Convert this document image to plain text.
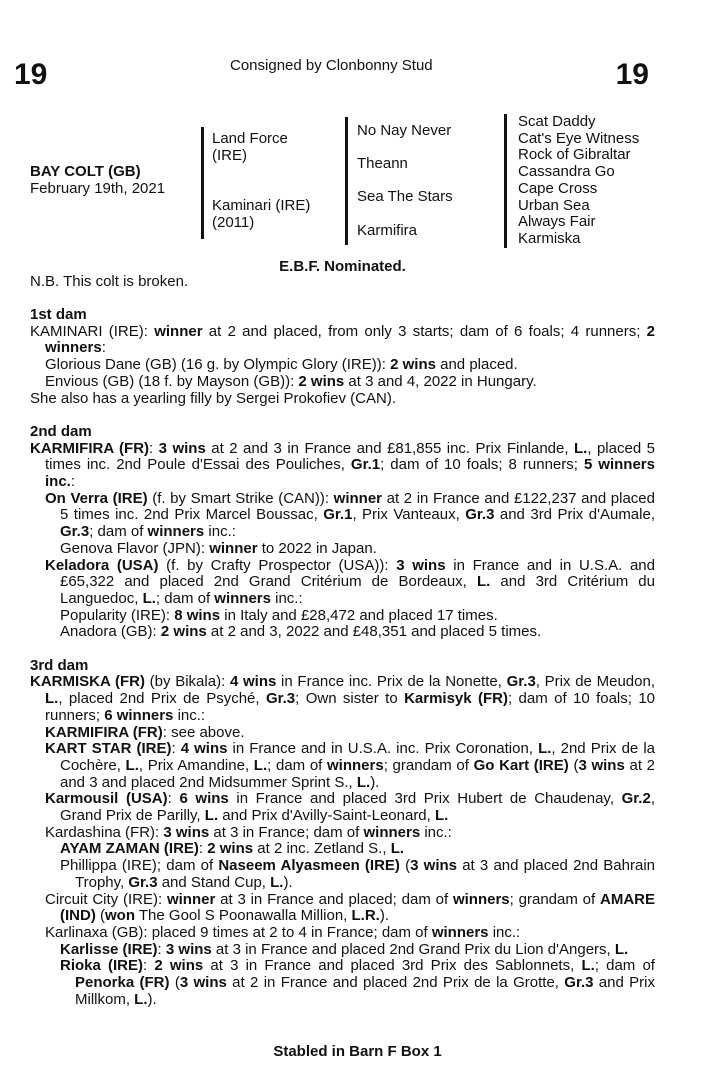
19	Consigned by Clonbonny Stud	19
BAY COLT (GB)
February 19th, 2021
Land Force
(IRE)
Kaminari (IRE)
(2011)
No Nay Never
Theann
Sea The Stars
Karmifira
Scat Daddy
Cat's Eye Witness
Rock of Gibraltar
Cassandra Go
Cape Cross
Urban Sea
Always Fair
Karmiska
E.B.F. Nominated.
N.B. This colt is broken.
1st dam
KAMINARI (IRE): winner at 2 and placed, from only 3 starts; dam of 6 foals; 4 runners; 2 winners:
Glorious Dane (GB) (16 g. by Olympic Glory (IRE)): 2 wins and placed.
Envious (GB) (18 f. by Mayson (GB)): 2 wins at 3 and 4, 2022 in Hungary.
She also has a yearling filly by Sergei Prokofiev (CAN).
2nd dam
KARMIFIRA (FR): 3 wins at 2 and 3 in France and £81,855 inc. Prix Finlande, L., placed 5 times inc. 2nd Poule d'Essai des Pouliches, Gr.1; dam of 10 foals; 8 runners; 5 winners inc.:
On Verra (IRE) (f. by Smart Strike (CAN)): winner at 2 in France and £122,237 and placed 5 times inc. 2nd Prix Marcel Boussac, Gr.1, Prix Vanteaux, Gr.3 and 3rd Prix d'Aumale, Gr.3; dam of winners inc.:
Genova Flavor (JPN): winner to 2022 in Japan.
Keladora (USA) (f. by Crafty Prospector (USA)): 3 wins in France and in U.S.A. and £65,322 and placed 2nd Grand Critérium de Bordeaux, L. and 3rd Critérium du Languedoc, L.; dam of winners inc.:
Popularity (IRE): 8 wins in Italy and £28,472 and placed 17 times.
Anadora (GB): 2 wins at 2 and 3, 2022 and £48,351 and placed 5 times.
3rd dam
KARMISKA (FR) (by Bikala): 4 wins in France inc. Prix de la Nonette, Gr.3, Prix de Meudon, L., placed 2nd Prix de Psyché, Gr.3; Own sister to Karmisyk (FR); dam of 10 foals; 10 runners; 6 winners inc.:
KARMIFIRA (FR): see above.
KART STAR (IRE): 4 wins in France and in U.S.A. inc. Prix Coronation, L., 2nd Prix de la Cochère, L., Prix Amandine, L.; dam of winners; grandam of Go Kart (IRE) (3 wins at 2 and 3 and placed 2nd Midsummer Sprint S., L.).
Karmousil (USA): 6 wins in France and placed 3rd Prix Hubert de Chaudenay, Gr.2, Grand Prix de Parilly, L. and Prix d'Avilly-Saint-Leonard, L.
Kardashina (FR): 3 wins at 3 in France; dam of winners inc.:
AYAM ZAMAN (IRE): 2 wins at 2 inc. Zetland S., L.
Phillippa (IRE); dam of Naseem Alyasmeen (IRE) (3 wins at 3 and placed 2nd Bahrain Trophy, Gr.3 and Stand Cup, L.).
Circuit City (IRE): winner at 3 in France and placed; dam of winners; grandam of AMARE (IND) (won The Gool S Poonawalla Million, L.R.).
Karlinaxa (GB): placed 9 times at 2 to 4 in France; dam of winners inc.:
Karlisse (IRE): 3 wins at 3 in France and placed 2nd Grand Prix du Lion d'Angers, L.
Rioka (IRE): 2 wins at 3 in France and placed 3rd Prix des Sablonnets, L.; dam of Penorka (FR) (3 wins at 2 in France and placed 2nd Prix de la Grotte, Gr.3 and Prix Millkom, L.).
Stabled in Barn F Box 1
